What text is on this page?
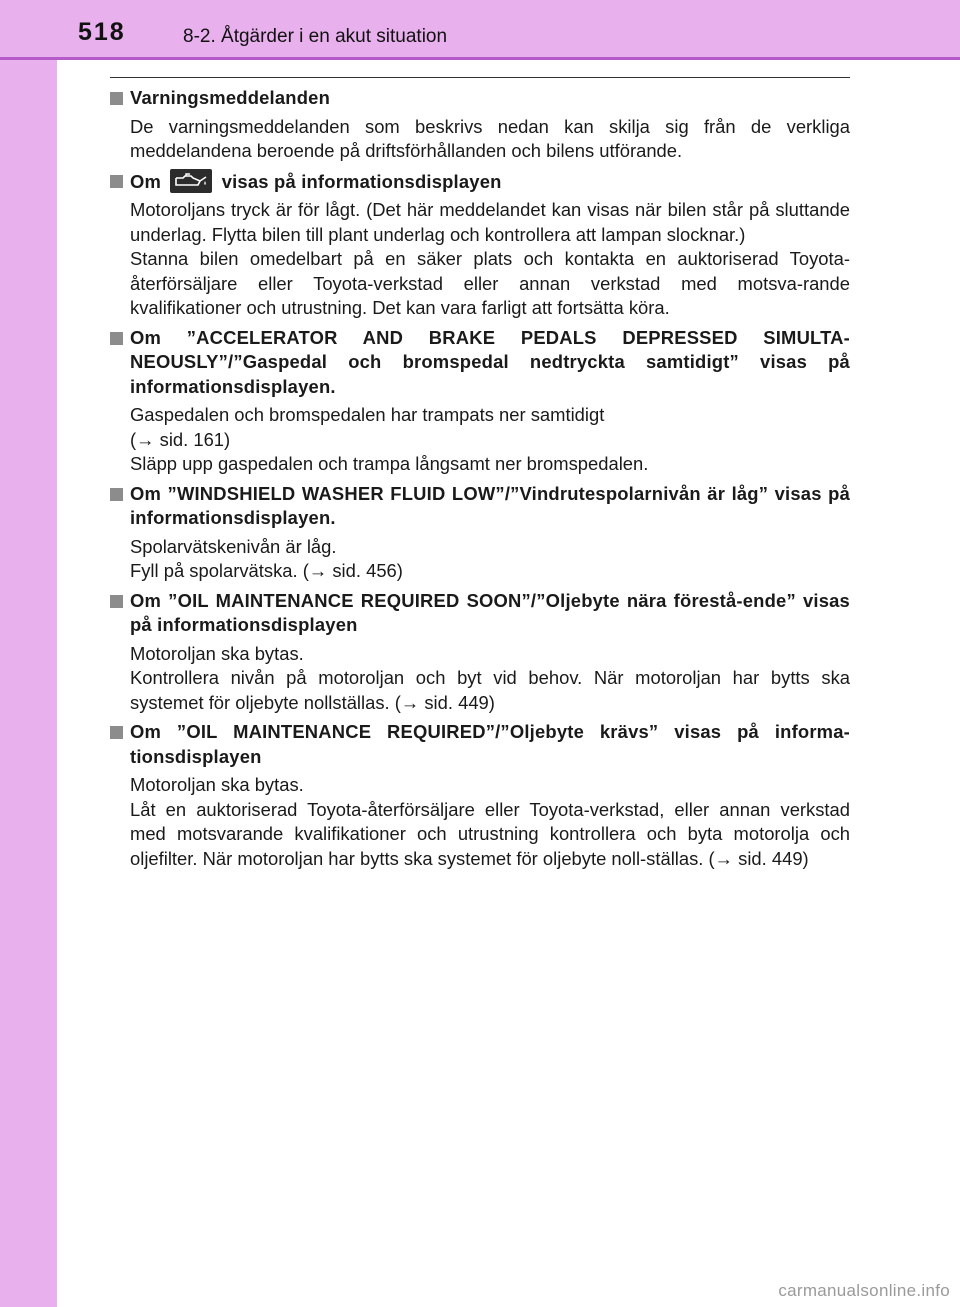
518	8-2. Åtgärder i en akut situation
Varningsmeddelanden
De varningsmeddelanden som beskrivs nedan kan skilja sig från de verkliga meddelandena beroende på driftsförhållanden och bilens utförande.
Om	visas på informationsdisplayen
Motoroljans tryck är för lågt. (Det här meddelandet kan visas när bilen står på sluttande underlag. Flytta bilen till plant underlag och kontrollera att lampan slocknar.)
Stanna bilen omedelbart på en säker plats och kontakta en auktoriserad Toyota-återförsäljare eller Toyota-verkstad eller annan verkstad med motsva-rande kvalifikationer och utrustning. Det kan vara farligt att fortsätta köra.
Om ”ACCELERATOR AND BRAKE PEDALS DEPRESSED SIMULTA-NEOUSLY”/”Gaspedal och bromspedal nedtryckta samtidigt” visas på informationsdisplayen.
Gaspedalen och bromspedalen har trampats ner samtidigt
(→ sid. 161)
Släpp upp gaspedalen och trampa långsamt ner bromspedalen.
Om ”WINDSHIELD WASHER FLUID LOW”/”Vindrutespolarnivån är låg” visas på informationsdisplayen.
Spolarvätskenivån är låg.
Fyll på spolarvätska. (→ sid. 456)
Om ”OIL MAINTENANCE REQUIRED SOON”/”Oljebyte nära förestå-ende” visas på informationsdisplayen
Motoroljan ska bytas.
Kontrollera nivån på motoroljan och byt vid behov. När motoroljan har bytts ska systemet för oljebyte nollställas. (→ sid. 449)
Om ”OIL MAINTENANCE REQUIRED”/”Oljebyte krävs” visas på informa-tionsdisplayen
Motoroljan ska bytas.
Låt en auktoriserad Toyota-återförsäljare eller Toyota-verkstad, eller annan verkstad med motsvarande kvalifikationer och utrustning kontrollera och byta motorolja och oljefilter. När motoroljan har bytts ska systemet för oljebyte noll-ställas. (→ sid. 449)
carmanualsonline.info
